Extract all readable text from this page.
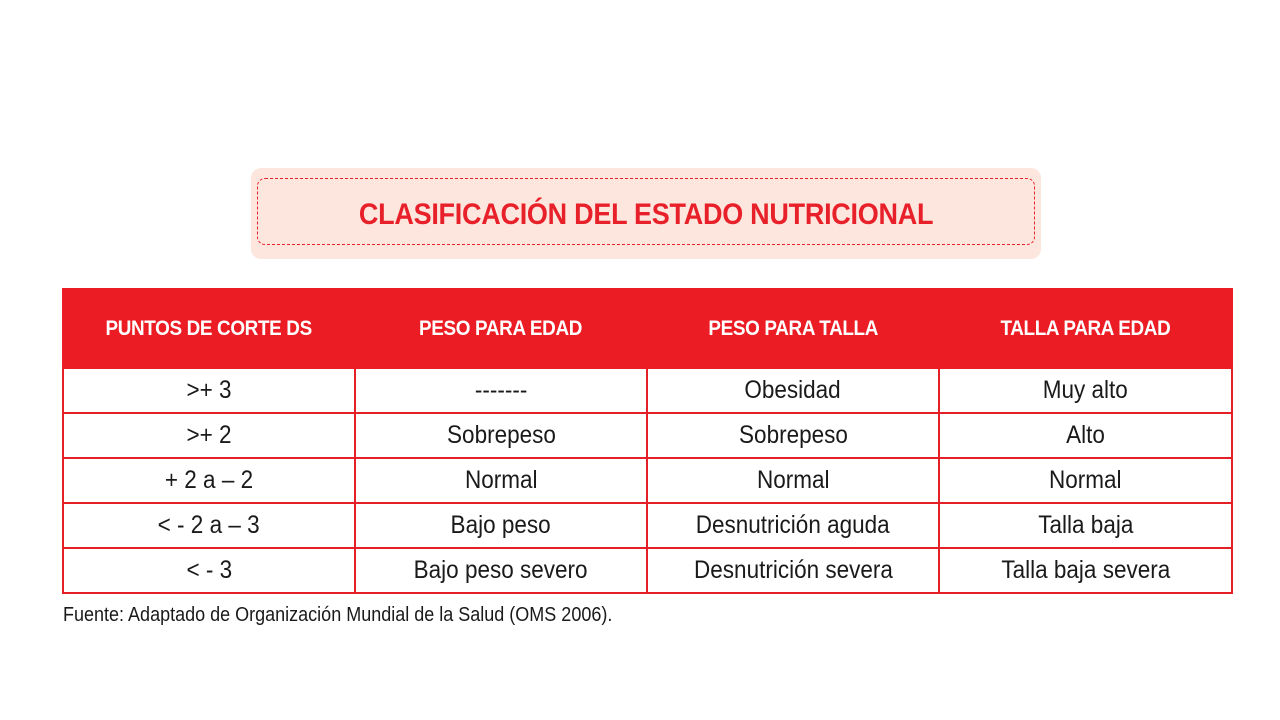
CLASIFICACIÓN DEL ESTADO NUTRICIONAL
PUNTOS DE CORTE DS	PESO PARA EDAD	PESO PARA TALLA	TALLA PARA EDAD
>+ 3	-------	Obesidad	Muy alto
>+ 2	Sobrepeso	Sobrepeso	Alto
+ 2 a – 2	Normal	Normal	Normal
< - 2 a – 3	Bajo peso	Desnutrición aguda	Talla baja
< - 3	Bajo peso severo	Desnutrición severa	Talla baja severa
Fuente: Adaptado de Organización Mundial de la Salud (OMS 2006).
